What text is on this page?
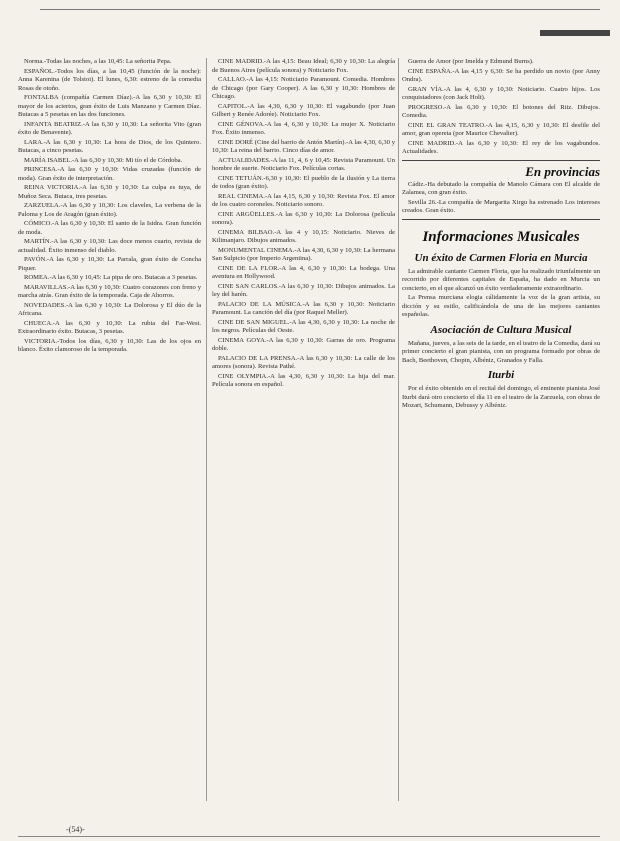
Norma.-Todas las noches, a las 10,45: La señorita Pepa.

ESPAÑOL.-Todos los días, a las 10,45 (función de la noche): Anna Karenina (de Tolstoi). El lunes, 6,30: estreno de la comedia Rosas de otoño.

FONTALBA (compañía Carmen Díaz).-A las 6,30 y 10,30: El mayor de los aciertos, gran éxito de Luis Manzano y Carmen Díaz. Butacas a 5 pesetas en las dos funciones.

INFANTA BEATRIZ.-A las 6,30 y 10,30: La señorita Vito (gran éxito de Benavente).

LARA.-A las 6,30 y 10,30: La hora de Dios, de los Quintero. Butacas, a cinco pesetas.

MARÍA ISABEL.-A las 6,30 y 10,30: Mi tío el de Córdoba.

PRINCESA.-A las 6,30 y 10,30: Vidas cruzadas (función de moda). Gran éxito de interpretación.

REINA VICTORIA.-A las 6,30 y 10,30: La culpa es tuya, de Muñoz Seca. Butaca, tres pesetas.

ZARZUELA.-A las 6,30 y 10,30: Los claveles, La verbena de la Paloma y Los de Aragón (gran éxito).

CÓMICO.-A las 6,30 y 10,30: El santo de la Isidra. Gran función de moda.

MARTÍN.-A las 6,30 y 10,30: Las doce menos cuarto, revista de actualidad. Éxito inmenso del diablo.

PAVÓN.-A las 6,30 y 10,30: La Parrala, gran éxito de Concha Piquer.

ROMEA.-A las 6,30 y 10,45: La pipa de oro. Butacas a 3 pesetas.

MARAVILLAS.-A las 6,30 y 10,30: Cuatro corazones con freno y marcha atrás. Gran éxito de la temporada. Caja de Ahorros.

NOVEDADES.-A las 6,30 y 10,30: La Dolorosa y El dúo de la Africana.

CHUECA.-A las 6,30 y 10,30: La rubia del Far-West. Extraordinario éxito. Butacas, 3 pesetas.

VICTORIA.-Todos los días, 6,30 y 10,30: Las de los ojos en blanco. Éxito clamoroso de la temporada.

CINE MADRID.-A las 4,15: Beau Ideal; 6,30 y 10,30: La alegría de Buenos Aires (película sonora) y Noticiario Fox.

CALLAO.-A las 4,15: Noticiario Paramount. Comedia. Hombres de Chicago (por Gary Cooper). A las 6,30 y 10,30: Hombres de Chicago.

CAPITOL.-A las 4,30, 6,30 y 10,30: El vagabundo (por Juan Gilbert y Renée Adorée). Noticiario Fox.

CINE GÉNOVA.-A las 4, 6,30 y 10,30: La mujer X. Noticiario Fox. Éxito inmenso.

CINE DORÉ (Cine del barrio de Antón Martín).-A las 4,30, 6,30 y 10,30: La reina del barrio. Cinco días de amor.

ACTUALIDADES.-A las 11, 4, 6 y 10,45: Revista Paramount. Un hombre de suerte. Noticiario Fox. Películas cortas.

CINE TETUÁN.-6,30 y 10,30: El pueblo de la ilusión y La tierra de todos (gran éxito).

REAL CINEMA.-A las 4,15, 6,30 y 10,30: Revista Fox. El amor de los cuatro coroneles. Noticiario sonoro.

CINE ARGÜELLES.-A las 6,30 y 10,30: La Dolorosa (película sonora).

CINEMA BILBAO.-A las 4 y 10,15: Noticiario. Nieves de Kilimanjaro. Dibujos animados.

MONUMENTAL CINEMA.-A las 4,30, 6,30 y 10,30: La hermana San Sulpicio (por Imperio Argentina).

CINE DE LA FLOR.-A las 4, 6,30 y 10,30: La bodega. Una aventura en Hollywood.

CINE SAN CARLOS.-A las 6,30 y 10,30: Dibujos animados. La ley del harén.

PALACIO DE LA MÚSICA.-A las 6,30 y 10,30: Noticiario Paramount. La canción del día (por Raquel Meller).

CINE DE SAN MIGUEL.-A las 4,30, 6,30 y 10,30: La noche de los negros. Películas del Oeste.

CINEMA GOYA.-A las 6,30 y 10,30: Garras de oro. Programa doble.

PALACIO DE LA PRENSA.-A las 6,30 y 10,30: La calle de los amores (sonora). Revista Pathé.

CINE OLYMPIA.-A las 4,30, 6,30 y 10,30: La hija del mar. Película sonora en español.

Guerra de Amor (por Imelda y Edmund Burns).

CINE ESPAÑA.-A las 4,15 y 6,30: Se ha perdido un novio (por Anny Ondra).

GRAN VÍA.-A las 4, 6,30 y 10,30: Noticiario. Cuatro hijos. Los conquistadores (con Jack Holt).

PROGRESO.-A las 6,30 y 10,30: El botones del Ritz. Dibujos. Comedia.

CINE EL GRAN TEATRO.-A las 4,15, 6,30 y 10,30: El desfile del amor, gran opereta (por Maurice Chevalier).

CINE MADRID.-A las 6,30 y 10,30: El rey de los vagabundos. Actualidades.

En provincias

Cádiz.-Ha debutado la compañía de Manolo Cámara con El alcalde de Zalamea, con gran éxito.

Sevilla 26.-La compañía de Margarita Xirgu ha estrenado Los intereses creados. Gran éxito.

Informaciones Musicales
Un éxito de Carmen Floria en Murcia

La admirable cantante Carmen Floria, que ha realizado triunfalmente un recorrido por diferentes capitales de España, ha dado en Murcia un concierto, en el que alcanzó un éxito verdaderamente extraordinario.

La Prensa murciana elogia cálidamente la voz de la gran artista, su dicción y su estilo, calificándola de una de las mejores cantantes españolas.

Asociación de Cultura Musical

Mañana, jueves, a las seis de la tarde, en el teatro de la Comedia, dará su primer concierto el gran pianista, con un programa formado por obras de Bach, Beethoven, Chopin, Albéniz, Granados y Falla.

Iturbi

Por el éxito obtenido en el recital del domingo, el eminente pianista José Iturbi dará otro concierto el día 11 en el teatro de la Zarzuela, con obras de Mozart, Schumann, Debussy y Albéniz.

-(54)-
